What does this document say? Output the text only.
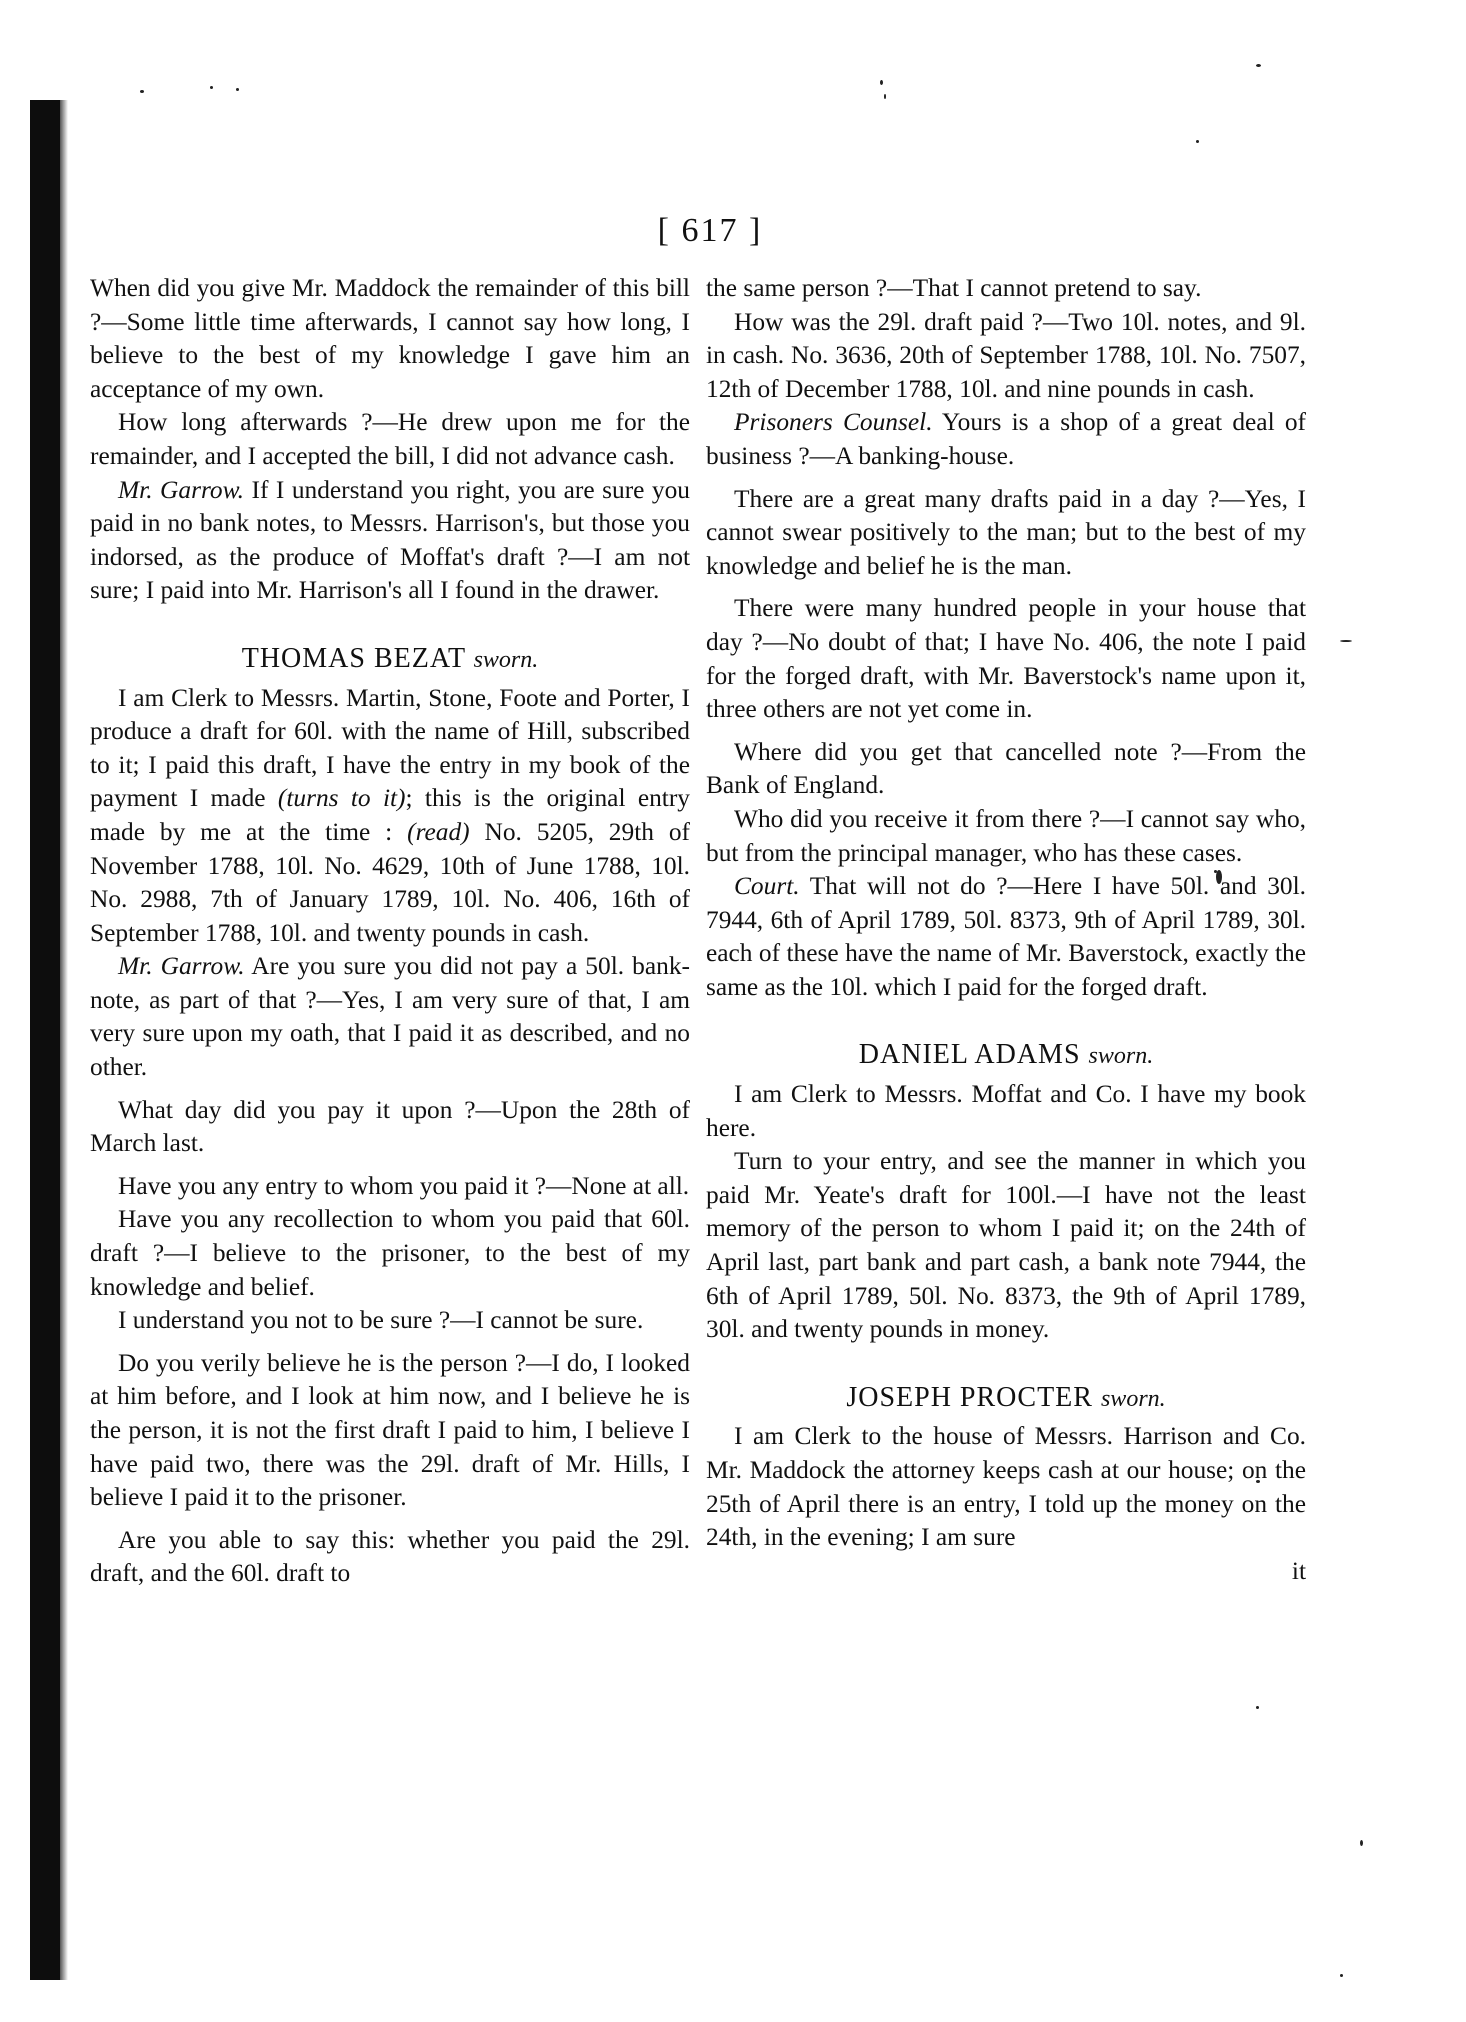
[ 617 ]

When did you give Mr. Maddock the remainder of this bill ?—Some little time afterwards, I cannot say how long, I believe to the best of my knowledge I gave him an acceptance of my own.

How long afterwards ?—He drew upon me for the remainder, and I accepted the bill, I did not advance cash.

Mr. Garrow. If I understand you right, you are sure you paid in no bank notes, to Messrs. Harrison's, but those you indorsed, as the produce of Moffat's draft ?—I am not sure; I paid into Mr. Harrison's all I found in the drawer.

THOMAS BEZAT sworn.

I am Clerk to Messrs. Martin, Stone, Foote and Porter, I produce a draft for 60l. with the name of Hill, subscribed to it; I paid this draft, I have the entry in my book of the payment I made (turns to it); this is the original entry made by me at the time : (read) No. 5205, 29th of November 1788, 10l. No. 4629, 10th of June 1788, 10l. No. 2988, 7th of January 1789, 10l. No. 406, 16th of September 1788, 10l. and twenty pounds in cash.

Mr. Garrow. Are you sure you did not pay a 50l. bank-note, as part of that ?—Yes, I am very sure of that, I am very sure upon my oath, that I paid it as described, and no other.

What day did you pay it upon ?—Upon the 28th of March last.

Have you any entry to whom you paid it ?—None at all.

Have you any recollection to whom you paid that 60l. draft ?—I believe to the prisoner, to the best of my knowledge and belief.

I understand you not to be sure ?—I cannot be sure.

Do you verily believe he is the person ?—I do, I looked at him before, and I look at him now, and I believe he is the person, it is not the first draft I paid to him, I believe I have paid two, there was the 29l. draft of Mr. Hills, I believe I paid it to the prisoner.

Are you able to say this: whether you paid the 29l. draft, and the 60l. draft to

the same person ?—That I cannot pretend to say.

How was the 29l. draft paid ?—Two 10l. notes, and 9l. in cash. No. 3636, 20th of September 1788, 10l. No. 7507, 12th of December 1788, 10l. and nine pounds in cash.

Prisoners Counsel. Yours is a shop of a great deal of business ?—A banking-house.

There are a great many drafts paid in a day ?—Yes, I cannot swear positively to the man; but to the best of my knowledge and belief he is the man.

There were many hundred people in your house that day ?—No doubt of that; I have No. 406, the note I paid for the forged draft, with Mr. Baverstock's name upon it, three others are not yet come in.

Where did you get that cancelled note ?—From the Bank of England.

Who did you receive it from there ?—I cannot say who, but from the principal manager, who has these cases.

Court. That will not do ?—Here I have 50l. and 30l. 7944, 6th of April 1789, 50l. 8373, 9th of April 1789, 30l. each of these have the name of Mr. Baverstock, exactly the same as the 10l. which I paid for the forged draft.

DANIEL ADAMS sworn.

I am Clerk to Messrs. Moffat and Co. I have my book here.

Turn to your entry, and see the manner in which you paid Mr. Yeate's draft for 100l.—I have not the least memory of the person to whom I paid it; on the 24th of April last, part bank and part cash, a bank note 7944, the 6th of April 1789, 50l. No. 8373, the 9th of April 1789, 30l. and twenty pounds in money.

JOSEPH PROCTER sworn.

I am Clerk to the house of Messrs. Harrison and Co. Mr. Maddock the attorney keeps cash at our house; on the 25th of April there is an entry, I told up the money on the 24th, in the evening; I am sure

it
